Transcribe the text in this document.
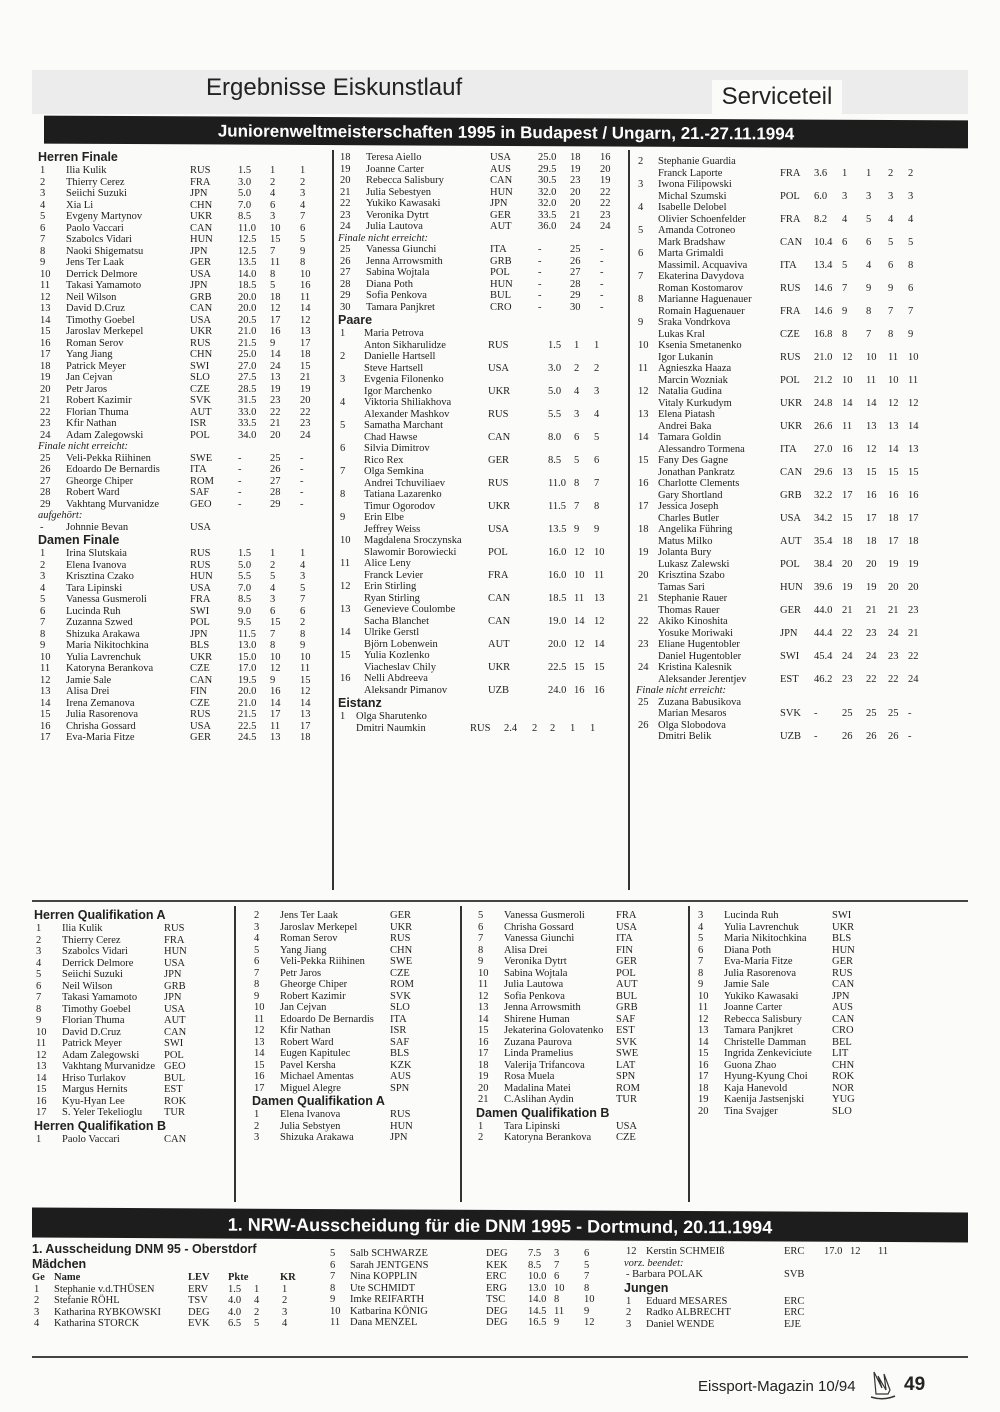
Ergebnisse Eiskunstlauf	Serviceteil
Juniorenweltmeisterschaften 1995 in Budapest / Ungarn, 21.-27.11.1994
Herren Finale
1 Ilia Kulik	RUS	1.5 1 1
2 Thierry Cerez	FRA	3.0 2 2
3 Seiichi Suzuki	JPN	5.0 4 3
4 Xia Li	CHN 7.0 6 4
5 Evgeny Martynov	UKR 8.5 3 7
6 Paolo Vaccari	CAN 11.0 10 6
7 Szabolcs Vidari	HUN 12.5 15 5
8 Naoki Shigematsu	JPN	12.5 7 9
9 Jens Ter Laak	GER	13.5 11 8
10 Derrick Delmore	USA	14.0 8 10
11 Takasi Yamamoto	JPN	18.5 5 16
12 Neil Wilson	GRB	20.0 18 11
13 David D.Cruz	CAN 20.0 12 14
14 Timothy Goebel	USA	20.5 17 12
15 Jaroslav Merkepel	UKR 21.0 16 13
16 Roman Serov	RUS	21.5 9 17
17 Yang Jiang	CHN 25.0 14 18
18 Patrick Meyer	SWI	27.0 24 15
19 Jan Cejvan	SLO	27.5 13 21
20 Petr Jaros	CZE	28.5 19 19
21 Robert Kazimir	SVK	31.5 23 20
22 Florian Thuma	AUT	33.0 22 22
23 Kfir Nathan	ISR	33.5 21 23
24 Adam Zalegowski	POL	34.0 20 24
Finale nicht erreicht:
25 Veli-Pekka Riihinen	SWE -	25 -
26 Edoardo De Bernardis	ITA	-	26 -
27 Gheorge Chiper	ROM -	27 -
28 Robert Ward	SAF	-	28 -
29 Vakhtang Murvanidze	GEO	-	29 -
aufgehört:
- Johnnie Bevan	USA
Damen Finale
1 Irina Slutskaia	RUS	1.5 1 1
2 Elena Ivanova	RUS	5.0 2 4
3 Krisztina Czako	HUN 5.5 5 3
4 Tara Lipinski	USA	7.0 4 5
5 Vanessa Gusmeroli	FRA	8.5 3 7
6 Lucinda Ruh	SWI	9.0 6 6
7 Zuzanna Szwed	POL	9.5 15 2
8 Shizuka Arakawa	JPN	11.5 7 8
9 Maria Nikitochkina	BLS	13.0 8 9
10 Yulia Lavrenchuk	UKR 15.0 10 10
11 Katoryna Berankova	CZE	17.0 12 11
12 Jamie Sale	CAN 19.5 9 15
13 Alisa Drei	FIN	20.0 16 12
14 Irena Zemanova	CZE	21.0 14 14
15 Julia Rasorenova	RUS	21.5 17 13
16 Chrisha Gossard	USA	22.5 11 17
17 Eva-Maria Fitze	GER	24.5 13 18
18 Teresa Aiello	USA	25.0 18 16
19 Joanne Carter	AUS	29.5 19 20
20 Rebecca Salisbury	CAN 30.5 23 19
21 Julia Sebestyen	HUN 32.0 20 22
22 Yukiko Kawasaki	JPN	32.0 20 22
23 Veronika Dytrt	GER	33.5 21 23
24 Julia Lautova	AUT	36.0 24 24
Finale nicht erreicht:
25 Vanessa Giunchi	ITA	-	25 -
26 Jenna Arrowsmith	GRB	-	26 -
27 Sabina Wojtala	POL	-	27 -
28 Diana Poth	HUN -	28 -
29 Sofia Penkova	BUL	-	29 -
30 Tamara Panjkret	CRO	-	30 -
Paare
1 Maria Petrova
Anton Sikharulidze	RUS	1.5 1 1
2 Danielle Hartsell
Steve Hartsell	USA	3.0 2 2
3 Evgenia Filonenko
Igor Marchenko	UKR	5.0 4 3
4 Viktoria Shiliakhova
Alexander Mashkov	RUS	5.5 3 4
5 Samatha Marchant
Chad Hawse	CAN	8.0 6 5
6 Silvia Dimitrov
Rico Rex	GER	8.5 5 6
7 Olga Semkina
Andrei Tchuviliaev	RUS	11.0 8 7
8 Tatiana Lazarenko
Timur Ogorodov	UKR	11.5 7 8
9 Erin Elbe
Jeffrey Weiss	USA	13.5 9 9
10 Magdalena Sroczynska
Slawomir Borowiecki	POL	16.0 12 10
11 Alice Leny
Franck Levier	FRA	16.0 10 11
12 Erin Stirling
Ryan Stirling	CAN	18.5 11 13
13 Genevieve Coulombe
Sacha Blanchet	CAN	19.0 14 12
14 Ulrike Gerstl
Björn Lobenwein	AUT	20.0 12 14
15 Yulia Kozlenko
Viacheslav Chily	UKR	22.5 15 15
16 Nelli Abdreeva
Aleksandr Pimanov	UZB	24.0 16 16
Eistanz
1 Olga Sharutenko
Dmitri Naumkin	RUS 2.4 2 2 1 1
2 Stephanie Guardia
Franck Laporte	FRA 3.6 1 1 2 2
3 Iwona Filipowski
Michal Szumski	POL 6.0 3 3 3 3
4 Isabelle Delobel
Olivier Schoenfelder	FRA 8.2 4 5 4 4
5 Amanda Cotroneo
Mark Bradshaw	CAN 10.4 6 6 5 5
6 Marta Grimaldi
Massimil. Acquaviva	ITA 13.4 5 4 6 8
7 Ekaterina Davydova
Roman Kostomarov	RUS 14.6 7 9 9 6
8 Marianne Haguenauer
Romain Haguenauer	FRA 14.6 9 8 7 7
9 Sraka Vondrkova
Lukas Kral	CZE 16.8 8 7 8 9
10 Ksenia Smetanenko
Igor Lukanin	RUS 21.0 12 10 11 10
11 Agnieszka Haaza
Marcin Wozniak	POL 21.2 10 11 10 11
12 Natalia Gudina
Vitaly Kurkudym	UKR 24.8 14 14 12 12
13 Elena Piatash
Andrei Baka	UKR 26.6 11 13 13 14
14 Tamara Goldin
Alessandro Tormena	ITA 27.0 16 12 14 13
15 Fany Des Gagne
Jonathan Pankratz	CAN 29.6 13 15 15 15
16 Charlotte Clements
Gary Shortland	GRB 32.2 17 16 16 16
17 Jessica Joseph
Charles Butler	USA 34.2 15 17 18 17
18 Angelika Führing
Matus Milko	AUT 35.4 18 18 17 18
19 Jolanta Bury
Lukasz Zalewski	POL 38.4 20 20 19 19
20 Krisztina Szabo
Tamas Sari	HUN 39.6 19 19 20 20
21 Stephanie Rauer
Thomas Rauer	GER 44.0 21 21 21 23
22 Akiko Kinoshita
Yosuke Moriwaki	JPN 44.4 22 23 24 21
23 Eliane Hugentobler
Daniel Hugentobler	SWI 45.4 24 24 23 22
24 Kristina Kalesnik
Aleksander Jerentjev	EST 46.2 23 22 22 24
Finale nicht erreicht:
25 Zuzana Babusikova
Marian Mesaros	SVK - 25 25 25 -
26 Olga Slobodova
Dmitri Belik	UZB - 26 26 26 -
Herren Qualifikation A
1 Ilia Kulik	RUS
2 Thierry Cerez	FRA
3 Szabolcs Vidari	HUN
4 Derrick Delmore	USA
5 Seiichi Suzuki	JPN
6 Neil Wilson	GRB
7 Takasi Yamamoto	JPN
8 Timothy Goebel	USA
9 Florian Thuma	AUT
10 David D.Cruz	CAN
11 Patrick Meyer	SWI
12 Adam Zalegowski POL
13 Vakhtang Murvanidze GEO
14 Hriso Turlakov	BUL
15 Margus Hernits	EST
16 Kyu-Hyan Lee	ROK
17 S. Yeler Tekelioglu TUR
Herren Qualifikation B
1 Paolo Vaccari	CAN
2 Jens Ter Laak	GER
3 Jaroslav Merkepel	UKR
4 Roman Serov	RUS
5 Yang Jiang	CHN
6 Veli-Pekka Riihinen SWE
7 Petr Jaros	CZE
8 Gheorge Chiper	ROM
9 Robert Kazimir	SVK
10 Jan Cejvan	SLO
11 Edoardo De Bernardis ITA
12 Kfir Nathan	ISR
13 Robert Ward	SAF
14 Eugen Kapitulec	BLS
15 Pavel Kersha	KZK
16 Michael Amentas	AUS
17 Miguel Alegre	SPN
Damen Qualifikation A
1 Elena Ivanova	RUS
2 Julia Sebstyen	HUN
3 Shizuka Arakawa	JPN
5 Vanessa Gusmeroli	FRA
6 Chrisha Gossard	USA
7 Vanessa Giunchi	ITA
8 Alisa Drei	FIN
9 Veronika Dytrt	GER
10 Sabina Wojtala	POL
11 Julia Lautowa	AUT
12 Sofia Penkova	BUL
13 Jenna Arrowsmith	GRB
14 Shirene Human	SAF
15 Jekaterina Golovatenko EST
16 Zuzana Paurova	SVK
17 Linda Pramelius	SWE
18 Valerija Trifancova	LAT
19 Rosa Muela	SPN
20 Madalina Matei	ROM
21 C.Aslihan Aydin	TUR
Damen Qualifikation B
1 Tara Lipinski	USA
2 Katoryna Berankova CZE
3 Lucinda Ruh	SWI
4 Yulia Lavrenchuk	UKR
5 Maria Nikitochkina BLS
6 Diana Poth	HUN
7 Eva-Maria Fitze	GER
8 Julia Rasorenova	RUS
9 Jamie Sale	CAN
10 Yukiko Kawasaki	JPN
11 Joanne Carter	AUS
12 Rebecca Salisbury	CAN
13 Tamara Panjkret	CRO
14 Christelle Damman BEL
15 Ingrida Zenkeviciute LIT
16 Guona Zhao	CHN
17 Hyung-Kyung Choi ROK
18 Kaja Hanevold	NOR
19 Kaenija Jastsenjski	YUG
20 Tina Svajger	SLO
1. NRW-Ausscheidung für die DNM 1995 - Dortmund, 20.11.1994
1. Ausscheidung DNM 95 - Oberstdorf
Mädchen
Ge Name	LEV Pkte	KR
1 Stephanie v.d.THÜSEN	ERV 1.5 1 1
2 Stefanie RÖHL	TSV 4.0 4 2
3 Katharina RYBKOWSKI	DEG 4.0 2 3
4 Katharina STORCK	EVK 6.5 5 4
5 Salb SCHWARZE	DEG 7.5 3 6
6 Sarah JENTGENS	KEK 8.5 7 5
7 Nina KOPPLIN	ERC 10.0 6 7
8 Ute SCHMIDT	ERG 13.0 10 8
9 Imke REIFARTH	TSC 14.0 8 10
10 Katbarina KÖNIG	DEG 14.5 11 9
11 Dana MENZEL	DEG 16.5 9 12
12 Kerstin SCHMEIß	ERC 17.0 12 11
vorz. beendet:
- Barbara POLAK	SVB
Jungen
1 Eduard MESARES	ERC
2 Radko ALBRECHT	ERC
3 Daniel WENDE	EJE
Eissport-Magazin 10/94	49
